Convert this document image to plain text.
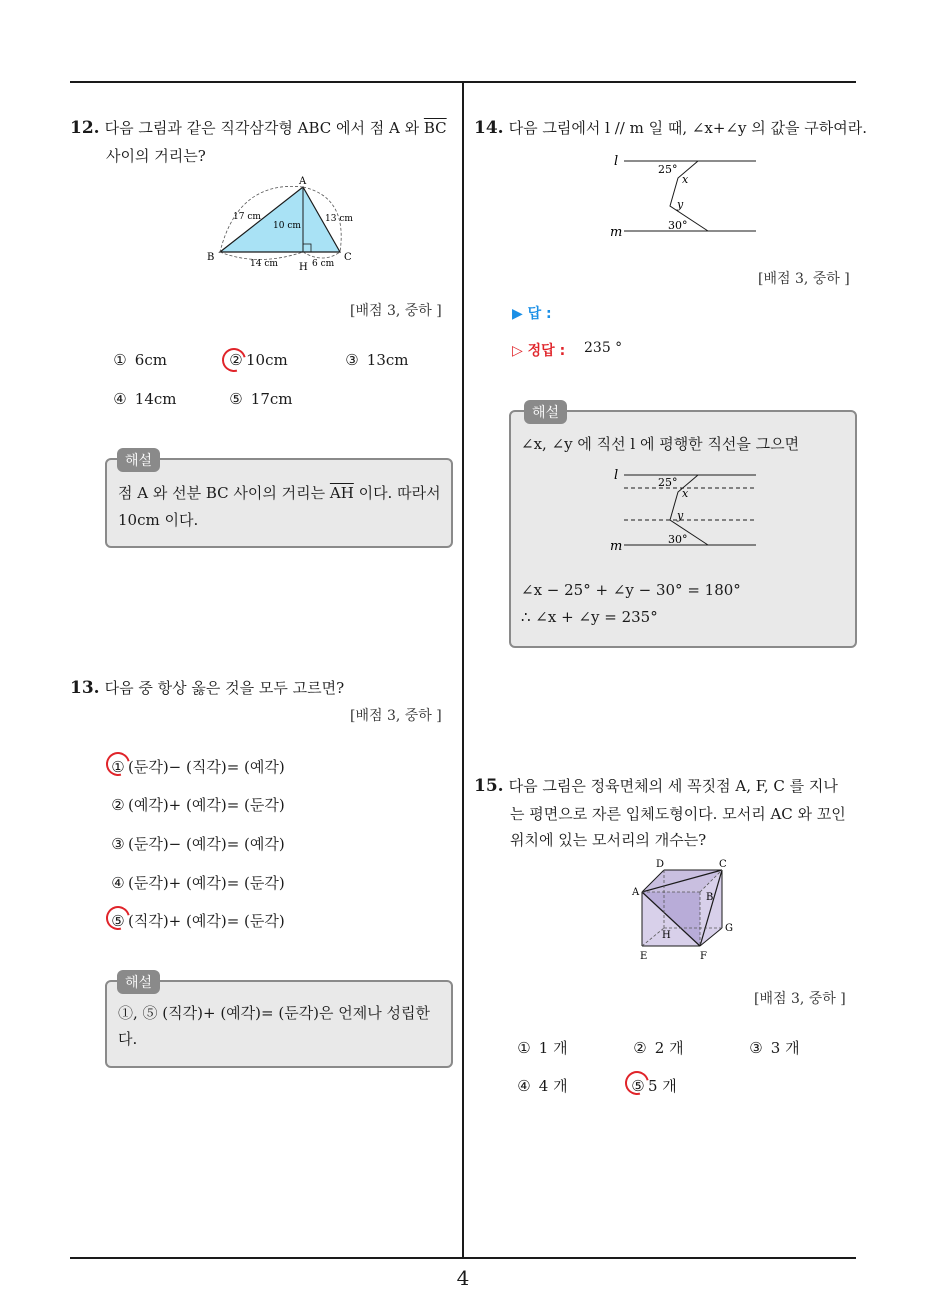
12. 다음 그림과 같은 직각삼각형 ABC 에서 점 A 와 $\overline{BC}$
사이의 거리는?
A
B	C
H
17 cm
10 cm
13 cm
14 cm	6 cm
[배점 3, 중하 ]
① 6cm	② 10cm	③ 13cm
④ 14cm	⑤ 17cm
해설
점 A 와 선분 BC 사이의 거리는 $\overline{AH}$ 이다. 따라서
10cm 이다.
13. 다음 중 항상 옳은 것을 모두 고르면?
[배점 3, 중하 ]
① (둔각)− (직각)= (예각)
② (예각)+ (예각)= (둔각)
③ (둔각)− (예각)= (예각)
④ (둔각)+ (예각)= (둔각)
⑤ (직각)+ (예각)= (둔각)
해설
①, ⑤ (직각)+ (예각)= (둔각)은 언제나 성립한
다.
14. 다음 그림에서 l // m 일 때, ∠x+∠y 의 값을 구하여라.
l
m
25°
x
y
30°
[배점 3, 중하 ]
▶ 답 :
▷ 정답 : 235 °
해설
∠x, ∠y 에 직선 l 에 평행한 직선을 그으면
l
m
25°
x
y
30°
∠x − 25° + ∠y − 30° = 180°
∴ ∠x + ∠y = 235°
15. 다음 그림은 정육면체의 세 꼭짓점 A, F, C 를 지나
는 평면으로 자른 입체도형이다. 모서리 AC 와 꼬인
위치에 있는 모서리의 개수는?
D	C
A	B
H
G
E	F
[배점 3, 중하 ]
① 1 개	② 2 개	③ 3 개
④ 4 개	⑤ 5 개
4
